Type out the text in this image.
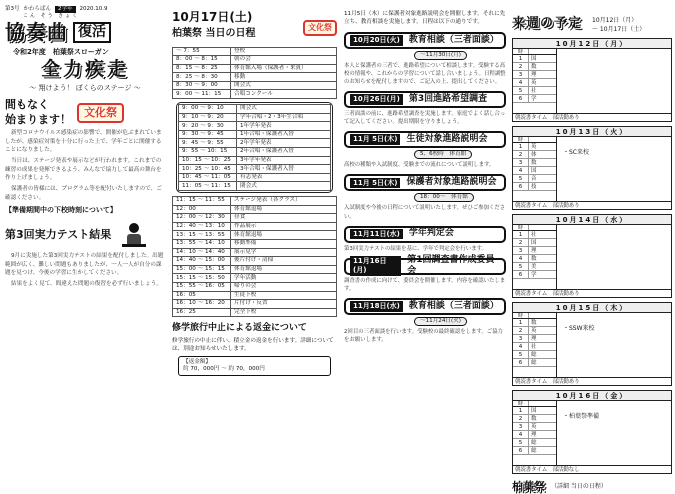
第3号 かわらばん	2学年	2020.10.9
こん そう きょく
協奏曲 復活
令和2年度　柏葉祭スローガン
全力疾走
～ 翔けよう！ ぼくらのステージ ～
間もなく
始まります！
文化祭

新型コロナウイルス感染症の影響で、開催が危ぶまれていましたが、感染症対策を十分に行った上で、学年ごとに開催することになりました。

当日は、ステージ発表や展示などが行われます。これまでの練習の成果を発揮できるよう、みんなで協力して最高の舞台を作り上げましょう。

保護者の皆様には、プログラム等を配付いたしますので、ご確認ください。

【準備期間中の下校時刻について】
第3回実力テスト結果

9月に実施した第3回実力テストの結果を配付しました。出題範囲が広く、難しい問題もありましたが、一人一人が自分の課題を見つけ、今後の学習に生かしてください。

結果をよく見て、間違えた問題の復習を必ず行いましょう。

10月17日(土)
柏葉祭 当日の日程
文化祭
～ 7：55	登校
8：00 ～ 8：15	朝の会
8：15 ～ 8：25	体育館入場（保護者・来賓）
8：25 ～ 8：30	移動
8：30 ～ 9：00	開会式
9：00 ～ 11：15	合唱コンクール
9：00 ～ 9：10	開会式
9：10 ～ 9：20	学年合唱・2・3年生合唱
9：20 ～ 9：30	1年学年発表
9：30 ～ 9：45	1年合唱・保護者入替
9：45 ～ 9：55	2年学年発表
9：55 ～ 10：15	2年合唱・保護者入替
10：15 ～ 10：25	3年学年発表
10：25 ～ 10：45	3年合唱・保護者入替
10：45 ～ 11：05	有志発表
11：05 ～ 11：15	閉会式
11：15 ～ 11：55	ステージ発表（各クラス）
12：00	体育館退場
12：00 ～ 12：30	昼食
12：40 ～ 13：10	作品展示
13：15 ～ 13：55	体育館退場
13：55 ～ 14：10	移動準備
14：10 ～ 14：40	展示見学
14：40 ～ 15：00	後片付け・清掃
15：00 ～ 15：15	体育館退場
15：15 ～ 15：50	学年活動
15：55 ～ 16：05	帰りの会
16：05	生徒下校
16：10 ～ 16：20	片付け・反省
16：25	完全下校
修学旅行中止による返金について

修学旅行の中止に伴い、積立金の返金を行います。詳細については、別途お知らせいたします。

【返金額】
約 70，000円 ～ 約 70，000円

11月5日（木）に保護者対象進路説明会を開催します。それに先立ち、教育相談を実施します。日程は以下の通りです。

10月20日(火)	教育相談（三者面談）
～11月30日(月)

本人と保護者の三者で、進路希望について相談します。受験する高校の情報や、これからの学習について話し合いましょう。日程調整のお知らせを配付しますので、ご記入の上、提出してください。

10月26日(月)	第3回進路希望調査

三者面談の前に、進路希望調査を実施します。家庭でよく話し合って記入してください。提出期限を守りましょう。

11月 5日(木)	生徒対象進路説明会
5、6校時　体育館

高校の種類や入試制度、受験までの流れについて説明します。

11月 5日(木)	保護者対象進路説明会
18：00～　体育館

入試制度や今後の日程について説明いたします。ぜひご参加ください。

11月11日(水)	学年判定会

第3回実力テストの結果を基に、学年で判定会を行います。

11月16日(月)
第1回調査書作成委員会

調査書の作成に向けて、委員会を開催します。内容を確認いたします。

11月18日(水)	教育相談（三者面談）
～11月24日(火)

2回目の三者面談を行います。受験校の最終確認をします。ご協力をお願いします。

来週の予定 10月12日（月）
～ 10月17日（土）
10月12日（月）
時
1	国
2	数
3	理
4	英
5	社
6	学
朝読書タイム　部活動あり
10月13日（火）
時
1	英
2	体
3	数
4	国
5	音
6	技
・SC来校
朝読書タイム　部活動あり
10月14日（水）
時
1	社
2	国
3	理
4	数
5	美
6	学
朝読書タイム　部活動あり
10月15日（木）
時
1	数
2	英
3	理
4	社
5	総
6	総
・SSW来校
朝読書タイム　部活動あり
10月16日（金）
時
1	国
2	数
3	英
4	理
5	総
6	総
・柏葉祭準備
朝読書タイム　部活動なし
柏葉祭 （詳細 当日の日程）
